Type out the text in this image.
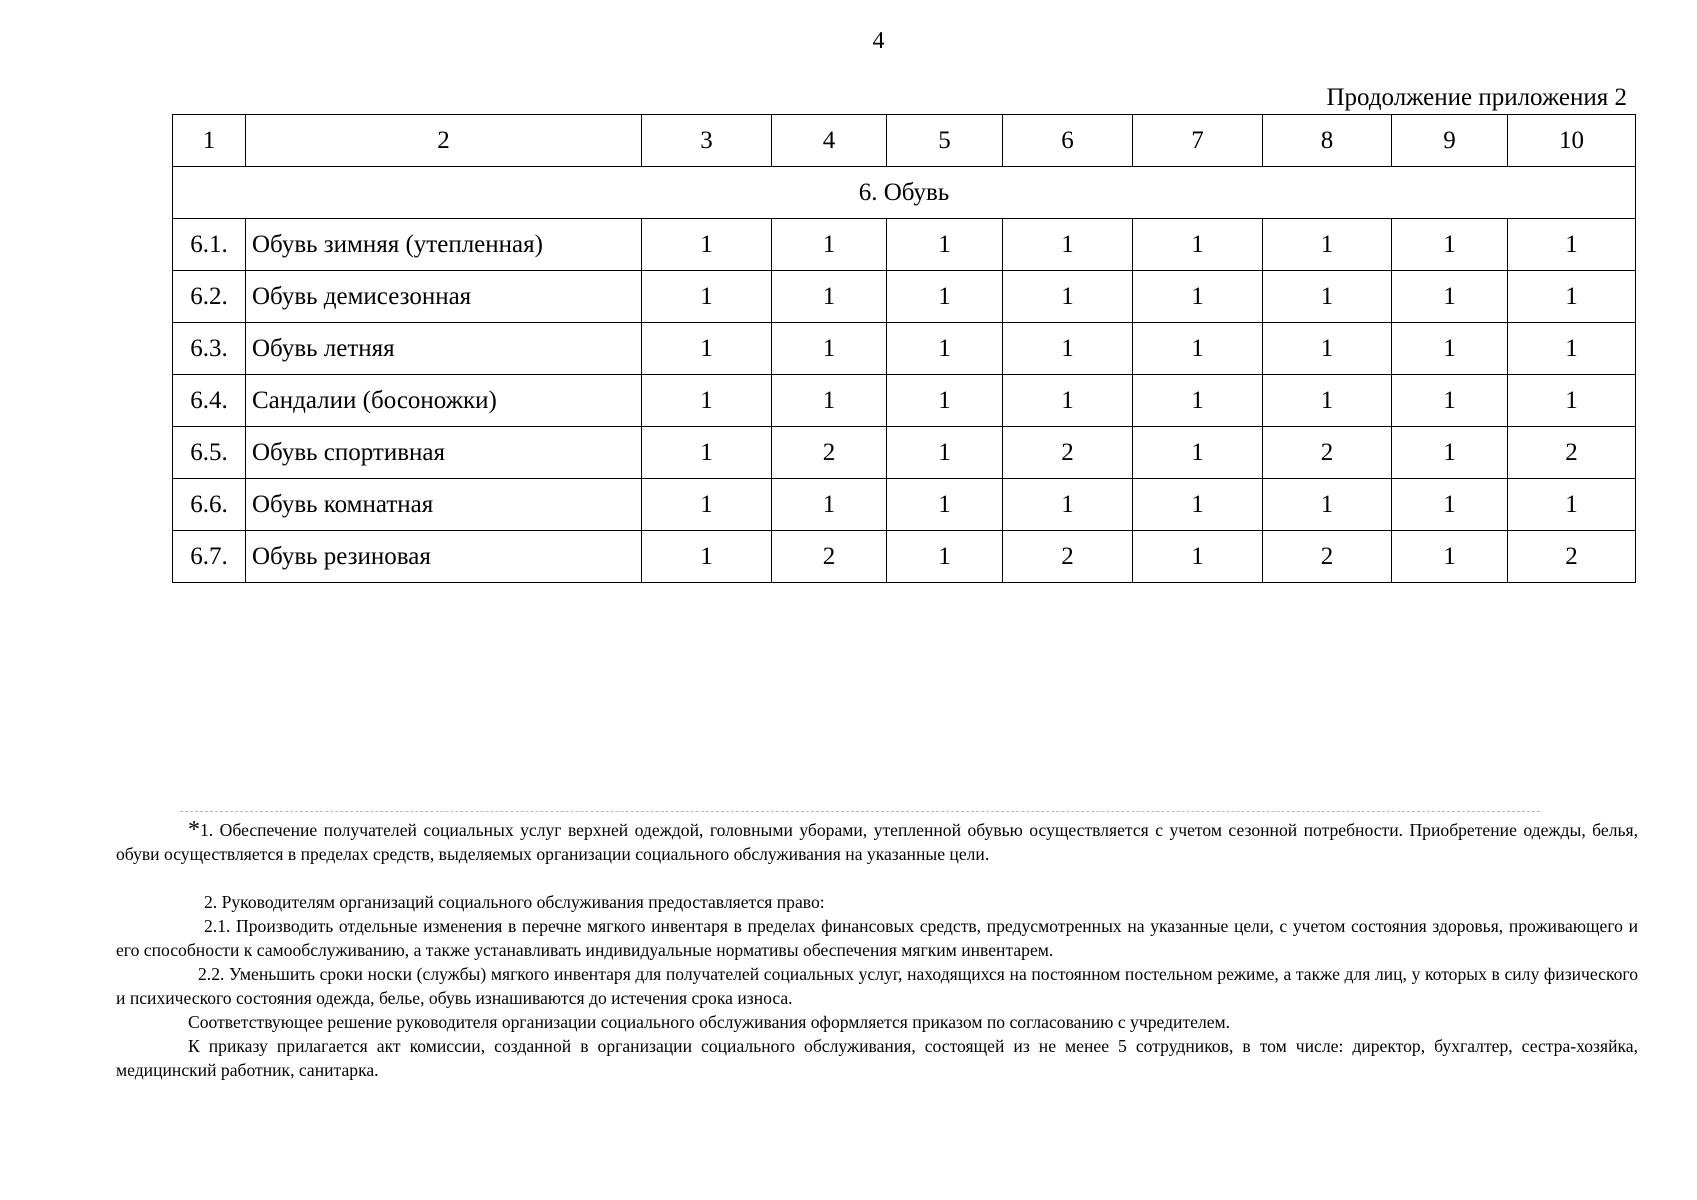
4
Продолжение приложения 2
1	2	3	4	5	6	7	8	9	10
6. Обувь									
6.1.	Обувь зимняя (утепленная)	1	1	1	1	1	1	1	1
6.2.	Обувь демисезонная	1	1	1	1	1	1	1	1
6.3.	Обувь летняя	1	1	1	1	1	1	1	1
6.4.	Сандалии (босоножки)	1	1	1	1	1	1	1	1
6.5.	Обувь спортивная	1	2	1	2	1	2	1	2
6.6.	Обувь комнатная	1	1	1	1	1	1	1	1
6.7.	Обувь резиновая	1	2	1	2	1	2	1	2

*1. Обеспечение получателей социальных услуг верхней одеждой, головными уборами, утепленной обувью осуществляется с учетом сезонной потребности. Приобретение одежды, белья, обуви осуществляется в пределах средств, выделяемых организации социального обслуживания на указанные цели.

2. Руководителям организаций социального обслуживания предоставляется право:

2.1. Производить отдельные изменения в перечне мягкого инвентаря в пределах финансовых средств, предусмотренных на указанные цели, с учетом состояния здоровья, проживающего и его способности к самообслуживанию, а также устанавливать индивидуальные нормативы обеспечения мягким инвентарем.

2.2. Уменьшить сроки носки (службы) мягкого инвентаря для получателей социальных услуг, находящихся на постоянном постельном режиме, а также для лиц, у которых в силу физического и психического состояния одежда, белье, обувь изнашиваются до истечения срока износа.

Соответствующее решение руководителя организации социального обслуживания оформляется приказом по согласованию с учредителем.

К приказу прилагается акт комиссии, созданной в организации социального обслуживания, состоящей из не менее 5 сотрудников, в том числе: директор, бухгалтер, сестра-хозяйка, медицинский работник, санитарка.
